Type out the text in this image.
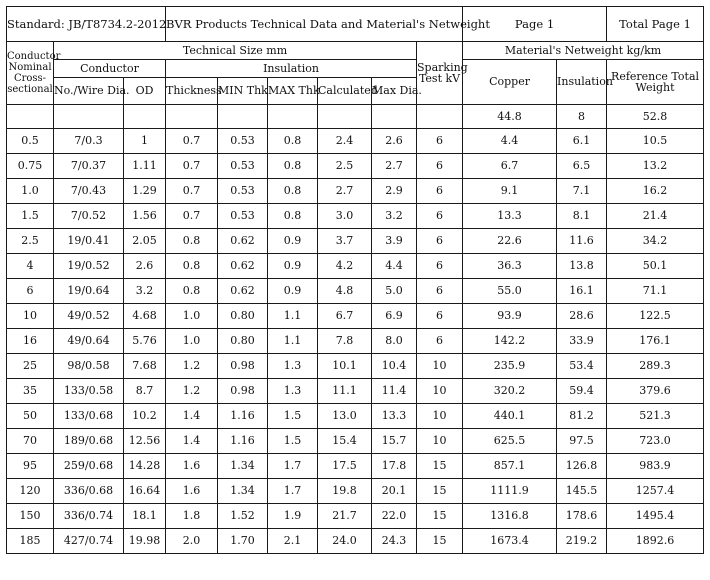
Standard: JB/T8734.2-2012			BVR Products Technical Data and Material's Netweight						Page 1		Total Page 1
Conductor Nominal Cross-sectional	Technical Size mm							Sparking Test kV	Material's Netweight kg/km		
	Conductor		Insulation						Copper	Insulation	Reference Total Weight
	No./Wire Dia.	OD	Thickness	MIN Thk	MAX Thk	Calculated	Max Dia.				
									44.8	8	52.8
0.5	7/0.3	1	0.7	0.53	0.8	2.4	2.6	6	4.4	6.1	10.5
0.75	7/0.37	1.11	0.7	0.53	0.8	2.5	2.7	6	6.7	6.5	13.2
1.0	7/0.43	1.29	0.7	0.53	0.8	2.7	2.9	6	9.1	7.1	16.2
1.5	7/0.52	1.56	0.7	0.53	0.8	3.0	3.2	6	13.3	8.1	21.4
2.5	19/0.41	2.05	0.8	0.62	0.9	3.7	3.9	6	22.6	11.6	34.2
4	19/0.52	2.6	0.8	0.62	0.9	4.2	4.4	6	36.3	13.8	50.1
6	19/0.64	3.2	0.8	0.62	0.9	4.8	5.0	6	55.0	16.1	71.1
10	49/0.52	4.68	1.0	0.80	1.1	6.7	6.9	6	93.9	28.6	122.5
16	49/0.64	5.76	1.0	0.80	1.1	7.8	8.0	6	142.2	33.9	176.1
25	98/0.58	7.68	1.2	0.98	1.3	10.1	10.4	10	235.9	53.4	289.3
35	133/0.58	8.7	1.2	0.98	1.3	11.1	11.4	10	320.2	59.4	379.6
50	133/0.68	10.2	1.4	1.16	1.5	13.0	13.3	10	440.1	81.2	521.3
70	189/0.68	12.56	1.4	1.16	1.5	15.4	15.7	10	625.5	97.5	723.0
95	259/0.68	14.28	1.6	1.34	1.7	17.5	17.8	15	857.1	126.8	983.9
120	336/0.68	16.64	1.6	1.34	1.7	19.8	20.1	15	1111.9	145.5	1257.4
150	336/0.74	18.1	1.8	1.52	1.9	21.7	22.0	15	1316.8	178.6	1495.4
185	427/0.74	19.98	2.0	1.70	2.1	24.0	24.3	15	1673.4	219.2	1892.6
